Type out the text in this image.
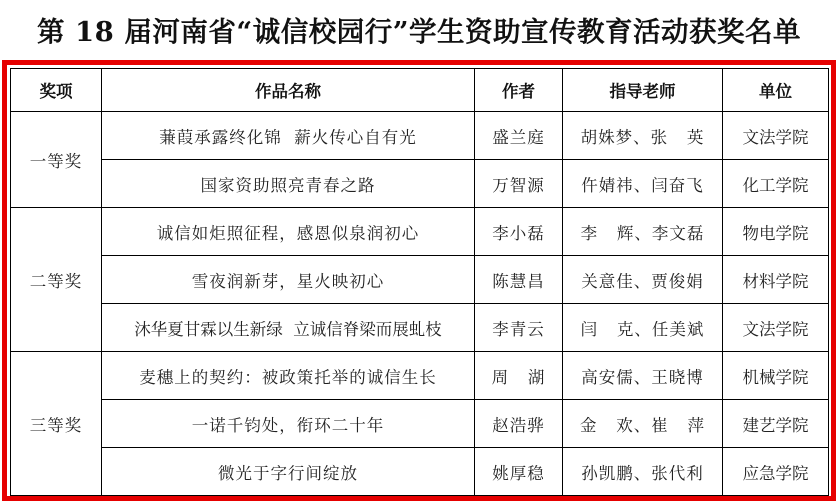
第 18 届河南省“诚信校园行”学生资助宣传教育活动获奖名单
奖项	作品名称	作者	指导老师	单位
一等奖	蒹葭承露终化锦  薪火传心自有光	盛兰庭	胡姝梦、张   英	文法学院
	国家资助照亮青春之路	万智源	仵婧祎、闫奋飞	化工学院
二等奖	诚信如炬照征程，感恩似泉润初心	李小磊	李   辉、李文磊	物电学院
	雪夜润新芽，星火映初心	陈慧昌	关意佳、贾俊娟	材料学院
	沐华夏甘霖以生新绿  立诚信脊梁而展虬枝	李青云	闫   克、任美斌	文法学院
三等奖	麦穗上的契约：被政策托举的诚信生长	周   湖	高安儒、王晓博	机械学院
	一诺千钧处，衔环二十年	赵浩骅	金   欢、崔   萍	建艺学院
	微光于字行间绽放	姚厚稳	孙凯鹏、张代利	应急学院
